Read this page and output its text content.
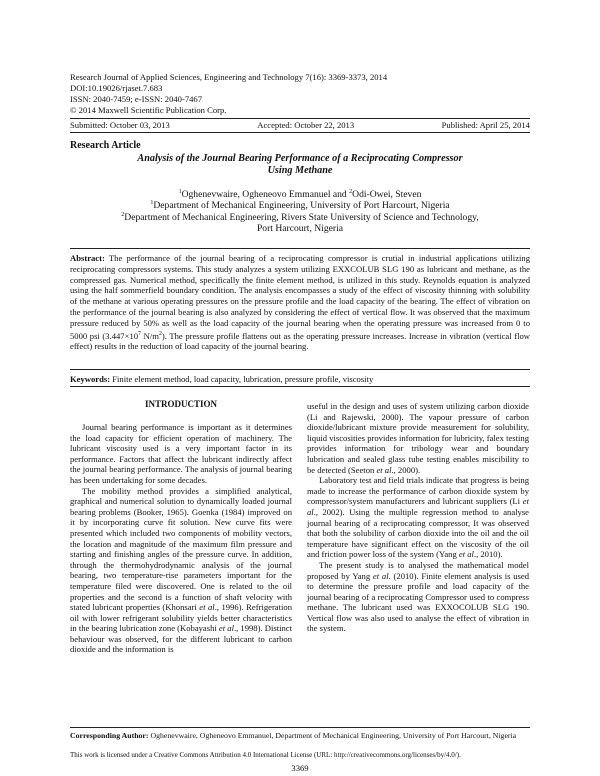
Research Journal of Applied Sciences, Engineering and Technology 7(16): 3369-3373, 2014
DOI:10.19026/rjaset.7.683
ISSN: 2040-7459; e-ISSN: 2040-7467
© 2014 Maxwell Scientific Publication Corp.
Submitted: October 03, 2013	Accepted: October 22, 2013	Published: April 25, 2014
Research Article
Analysis of the Journal Bearing Performance of a Reciprocating Compressor
Using Methane
$^1$Oghenevwaire, Ogheneovo Emmanuel and $^2$Odi-Owei, Steven
$^1$Department of Mechanical Engineering, University of Port Harcourt, Nigeria
$^2$Department of Mechanical Engineering, Rivers State University of Science and Technology,
Port Harcourt, Nigeria
Abstract: The performance of the journal bearing of a reciprocating compressor is crutial in industrial applications utilizing reciprocating compressors systems. This study analyzes a system utilizing EXXCOLUB SLG 190 as lubricant and methane, as the compressed gas. Numerical method, specifically the finite element method, is utilized in this study. Reynolds equation is analyzed using the half sommerfield boundary condition. The analysis encompasses a study of the effect of viscosity thinning with solubility of the methane at various operating pressures on the pressure profile and the load capacity of the bearing. The effect of vibration on the performance of the journal bearing is also analyzed by considering the effect of vertical flow. It was observed that the maximum pressure reduced by 50% as well as the load capacity of the journal bearing when the operating pressure was increased from 0 to 5000 psi ($3.447\times 10^7$ $N/m^2$). The pressure profile flattens out as the operating pressure increases. Increase in vibration (vertical flow effect) results in the reduction of load capacity of the journal bearing.
Keywords: Finite element method, load capacity, lubrication, pressure profile, viscosity
INTRODUCTION

Journal bearing performance is important as it determines the load capacity for efficient operation of machinery. The lubricant viscosity used is a very important factor in its performance. Factors that affect the lubricant indirectly affect the journal bearing performance. The analysis of journal bearing has been undertaking for some decades.

The mobility method provides a simplified analytical, graphical and numerical solution to dynamically loaded journal bearing problems (Booker, 1965). Goenka (1984) improved on it by incorporating curve fit solution. New curve fits were presented which included two components of mobility vectors, the location and magnitude of the maximum film pressure and starting and finishing angles of the pressure curve. In addition, through the thermohydrodynamic analysis of the journal bearing, two temperature-rise parameters important for the temperature filed were discovered. One is related to the oil properties and the second is a function of shaft velocity with stated lubricant properties (Khonsari et al., 1996). Refrigeration oil with lower refrigerant solubility yields better characteristics in the bearing lubrication zone (Kobayashi et al., 1998). Distinct behaviour was observed, for the different lubricant to carbon dioxide and the information is

useful in the design and uses of system utilizing carbon dioxide (Li and Rajewski, 2000). The vapour pressure of carbon dioxide/lubricant mixture provide measurement for solubility, liquid viscosities provides information for lubricity, falex testing provides information for tribology wear and boundary lubrication and sealed glass tube testing enables miscibility to be detected (Seeton et al., 2000).

Laboratory test and field trials indicate that progress is being made to increase the performance of carbon dioxide system by compressor/system manufacturers and lubricant suppliers (Li et al., 2002). Using the multiple regression method to analyse journal bearing of a reciprocating compressor, It was observed that both the solubility of carbon dioxide into the oil and the oil temperature have significant effect on the viscosity of the oil and friction power loss of the system (Yang et al., 2010).

The present study is to analysed the mathematical model proposed by Yang et al. (2010). Finite element analysis is used to determine the pressure profile and load capacity of the journal bearing of a reciprocating Compressor used to compress methane. The lubricant used was EXXOCOLUB SLG 190. Vertical flow was also used to analyse the effect of vibration in the system.

Corresponding Author: Oghenevwaire, Ogheneovo Emmanuel, Department of Mechanical Engineering, University of Port Harcourt, Nigeria
This work is licensed under a Creative Commons Attribution 4.0 International License (URL: http://creativecommons.org/licenses/by/4.0/).
3369
